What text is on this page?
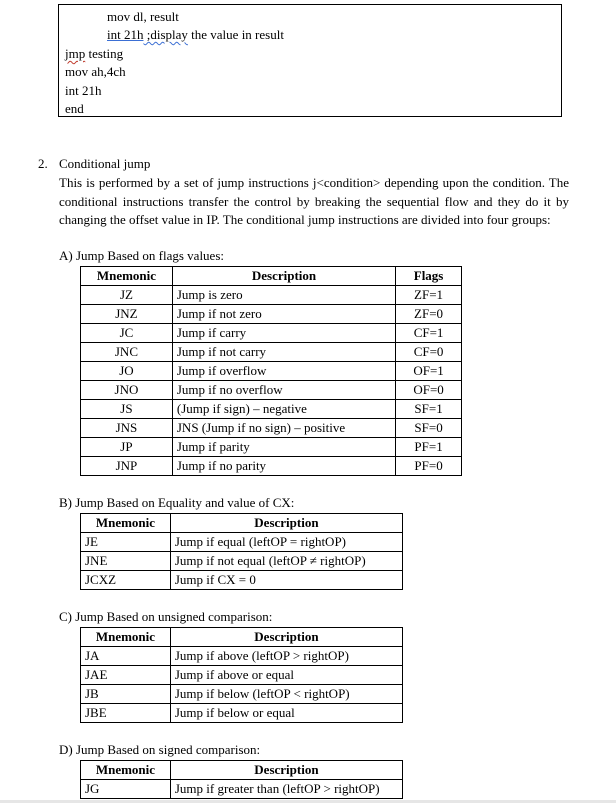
mov dl, result
int 21h ;display the value in result
jmp testing
mov ah,4ch
int 21h
end
2. Conditional jump
This is performed by a set of jump instructions j<condition> depending upon the condition. The conditional instructions transfer the control by breaking the sequential flow and they do it by changing the offset value in IP. The conditional jump instructions are divided into four groups:
A) Jump Based on flags values:
Mnemonic	Description	Flags
JZ	Jump is zero	ZF=1
JNZ	Jump if not zero	ZF=0
JC	Jump if carry	CF=1
JNC	Jump if not carry	CF=0
JO	Jump if overflow	OF=1
JNO	Jump if no overflow	OF=0
JS	(Jump if sign) – negative	SF=1
JNS	JNS (Jump if no sign) – positive	SF=0
JP	Jump if parity	PF=1
JNP	Jump if no parity	PF=0
B) Jump Based on Equality and value of CX:
Mnemonic	Description
JE	Jump if equal (leftOP = rightOP)
JNE	Jump if not equal (leftOP ≠ rightOP)
JCXZ	Jump if CX = 0
C) Jump Based on unsigned comparison:
Mnemonic	Description
JA	Jump if above (leftOP > rightOP)
JAE	Jump if above or equal
JB	Jump if below (leftOP < rightOP)
JBE	Jump if below or equal
D) Jump Based on signed comparison:
Mnemonic	Description
JG	Jump if greater than (leftOP > rightOP)
